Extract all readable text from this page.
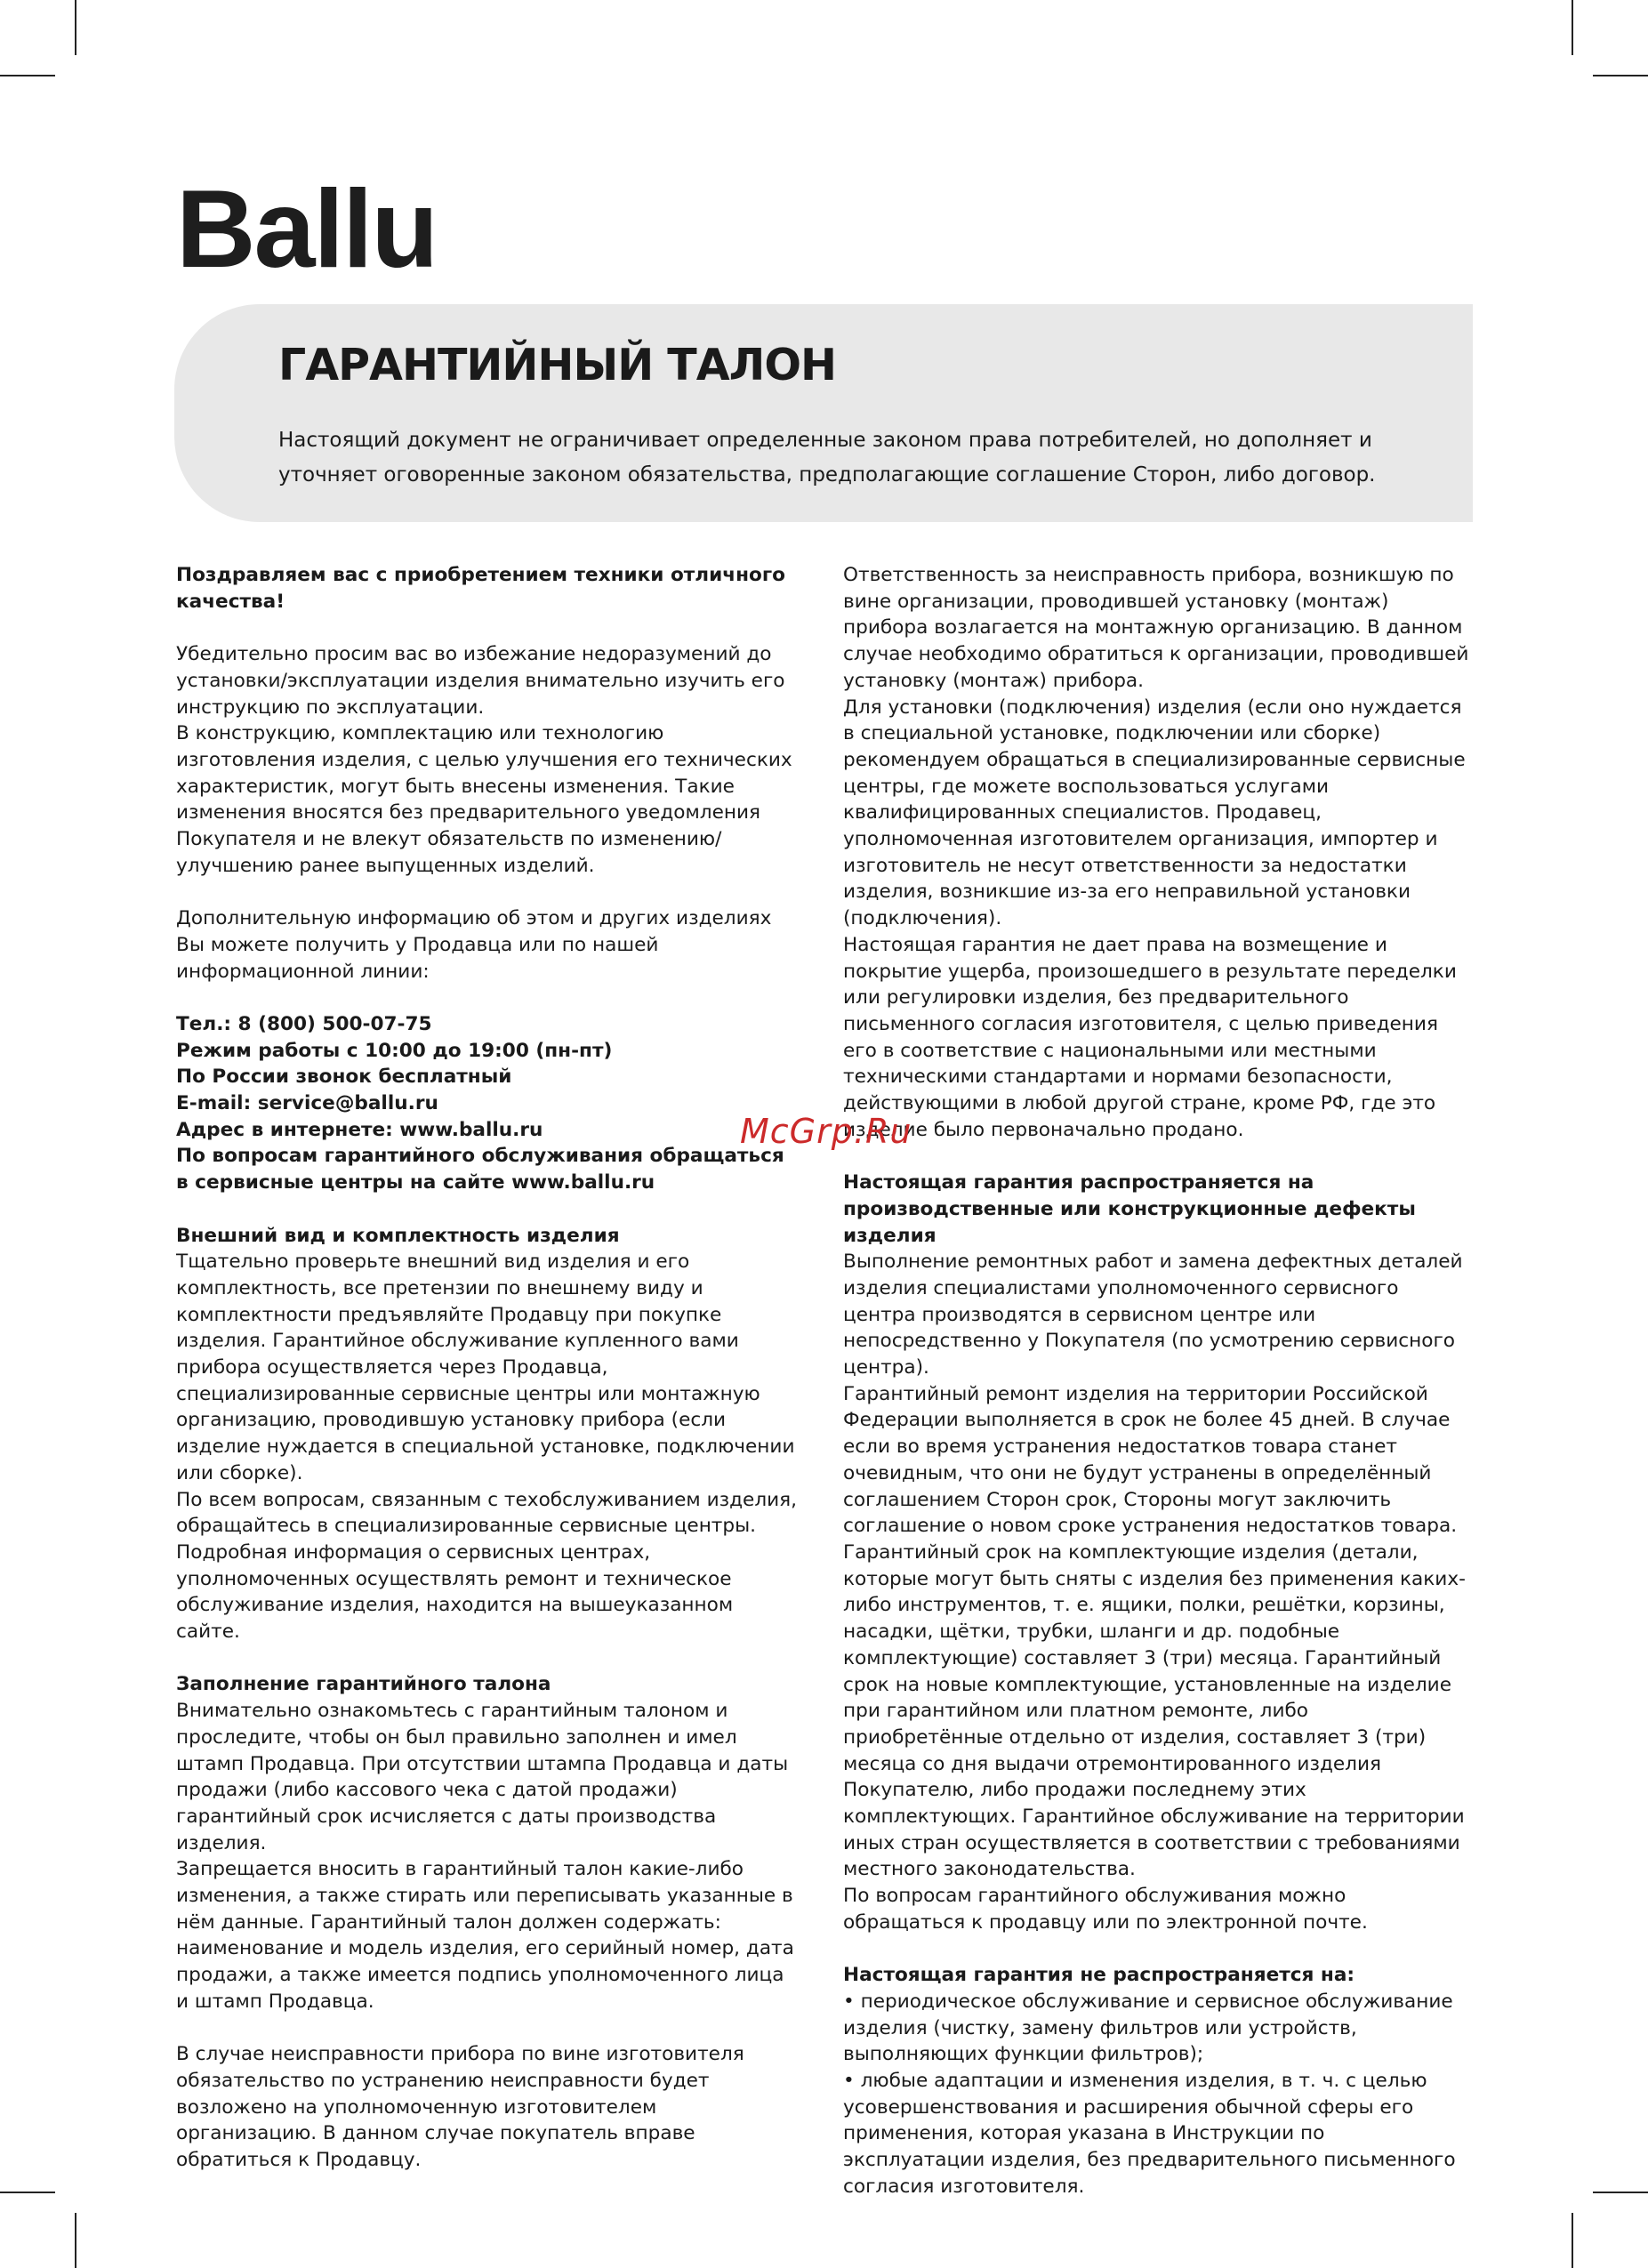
Ballu
ГАРАНТИЙНЫЙ ТАЛОН

Настоящий документ не ограничивает определенные законом права потребителей, но дополняет и уточняет оговоренные законом обязательства, предполагающие соглашение Сторон, либо договор.

Поздравляем вас с приобретением техники отличного качества!

Убедительно просим вас во избежание недоразумений до установки/эксплуатации изделия внимательно изучить его инструкцию по эксплуатации.

В конструкцию, комплектацию или технологию изготовления изделия, с целью улучшения его технических характеристик, могут быть внесены изменения. Такие изменения вносятся без предварительного уведомления Покупателя и не влекут обязательств по изменению/улучшению ранее выпущенных изделий.

Дополнительную информацию об этом и других изделиях Вы можете получить у Продавца или по нашей информационной линии:

Тел.: 8 (800) 500-07-75

Режим работы с 10:00 до 19:00 (пн-пт)

По России звонок бесплатный

E-mail: service@ballu.ru

Адрес в интернете: www.ballu.ru

По вопросам гарантийного обслуживания обращаться в сервисные центры на сайте www.ballu.ru

Внешний вид и комплектность изделия

Тщательно проверьте внешний вид изделия и его комплектность, все претензии по внешнему виду и комплектности предъявляйте Продавцу при покупке изделия. Гарантийное обслуживание купленного вами прибора осуществляется через Продавца, специализированные сервисные центры или монтажную организацию, проводившую установку прибора (если изделие нуждается в специальной установке, подключении или сборке).

По всем вопросам, связанным с техобслуживанием изделия, обращайтесь в специализированные сервисные центры. Подробная информация о сервисных центрах, уполномоченных осуществлять ремонт и техническое обслуживание изделия, находится на вышеуказанном сайте.

Заполнение гарантийного талона

Внимательно ознакомьтесь с гарантийным талоном и проследите, чтобы он был правильно заполнен и имел штамп Продавца. При отсутствии штампа Продавца и даты продажи (либо кассового чека с датой продажи) гарантийный срок исчисляется с даты производства изделия.

Запрещается вносить в гарантийный талон какие-либо изменения, а также стирать или переписывать указанные в нём данные. Гарантийный талон должен содержать: наименование и модель изделия, его серийный номер, дата продажи, а также имеется подпись уполномоченного лица и штамп Продавца.

В случае неисправности прибора по вине изготовителя обязательство по устранению неисправности будет возложено на уполномоченную изготовителем организацию. В данном случае покупатель вправе обратиться к Продавцу.

Ответственность за неисправность прибора, возникшую по вине организации, проводившей установку (монтаж) прибора возлагается на монтажную организацию. В данном случае необходимо обратиться к организации, проводившей установку (монтаж) прибора.

Для установки (подключения) изделия (если оно нуждается в специальной установке, подключении или сборке) рекомендуем обращаться в специализированные сервисные центры, где можете воспользоваться услугами квалифицированных специалистов. Продавец, уполномоченная изготовителем организация, импортер и изготовитель не несут ответственности за недостатки изделия, возникшие из-за его неправильной установки (подключения).

Настоящая гарантия не дает права на возмещение и покрытие ущерба, произошедшего в результате переделки или регулировки изделия, без предварительного письменного согласия изготовителя, с целью приведения его в соответствие с национальными или местными техническими стандартами и нормами безопасности, действующими в любой другой стране, кроме РФ, где это изделие было первоначально продано.

Настоящая гарантия распространяется на производственные или конструкционные дефекты изделия

Выполнение ремонтных работ и замена дефектных деталей изделия специалистами уполномоченного сервисного центра производятся в сервисном центре или непосредственно у Покупателя (по усмотрению сервисного центра).

Гарантийный ремонт изделия на территории Российской Федерации выполняется в срок не более 45 дней. В случае если во время устранения недостатков товара станет очевидным, что они не будут устранены в определённый соглашением Сторон срок, Стороны могут заключить соглашение о новом сроке устранения недостатков товара.

Гарантийный срок на комплектующие изделия (детали, которые могут быть сняты с изделия без применения каких-либо инструментов, т. е. ящики, полки, решётки, корзины, насадки, щётки, трубки, шланги и др. подобные комплектующие) составляет 3 (три) месяца. Гарантийный срок на новые комплектующие, установленные на изделие при гарантийном или платном ремонте, либо приобретённые отдельно от изделия, составляет 3 (три) месяца со дня выдачи отремонтированного изделия Покупателю, либо продажи последнему этих комплектующих. Гарантийное обслуживание на территории иных стран осуществляется в соответствии с требованиями местного законодательства.

По вопросам гарантийного обслуживания можно обращаться к продавцу или по электронной почте.

Настоящая гарантия не распространяется на:

• периодическое обслуживание и сервисное обслуживание изделия (чистку, замену фильтров или устройств, выполняющих функции фильтров);

• любые адаптации и изменения изделия, в т. ч. с целью усовершенствования и расширения обычной сферы его применения, которая указана в Инструкции по эксплуатации изделия, без предварительного письменного согласия изготовителя.

McGrp.Ru
